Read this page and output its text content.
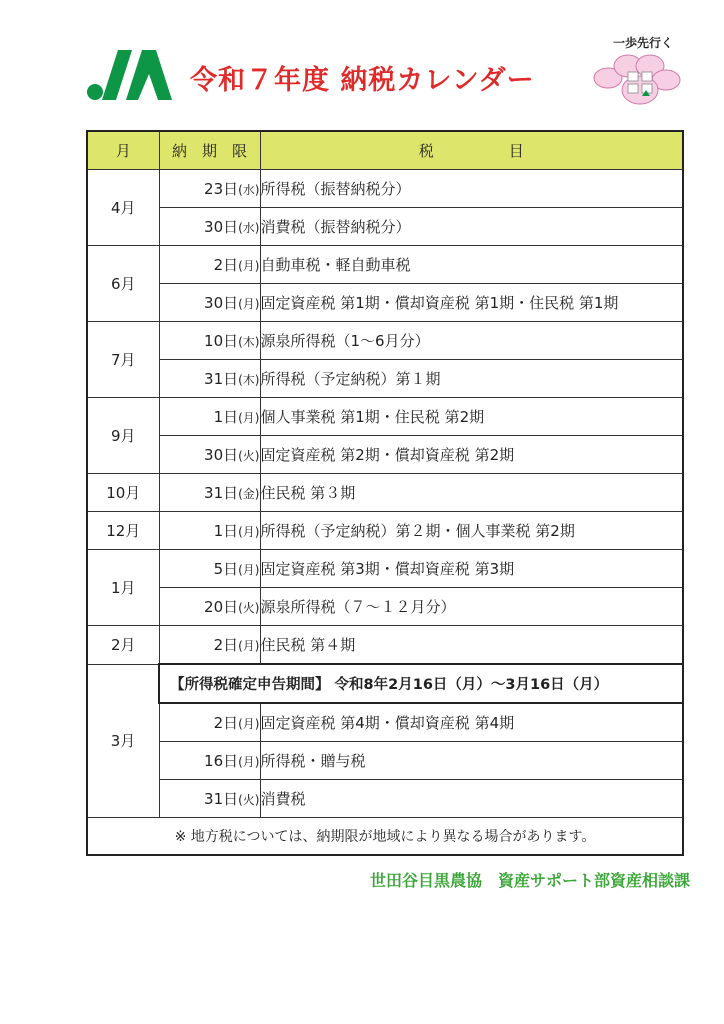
令和７年度 納税カレンダー
一歩先行く
月	納　期　限	税　　　　　目
4月	23日(水)	所得税（振替納税分）
	30日(水)	消費税（振替納税分）
6月	2日(月)	自動車税・軽自動車税
	30日(月)	固定資産税 第1期・償却資産税 第1期・住民税 第1期
7月	10日(木)	源泉所得税（1～6月分）
	31日(木)	所得税（予定納税）第１期
9月	1日(月)	個人事業税 第1期・住民税 第2期
	30日(火)	固定資産税 第2期・償却資産税 第2期
10月	31日(金)	住民税 第３期
12月	1日(月)	所得税（予定納税）第２期・個人事業税 第2期
1月	5日(月)	固定資産税 第3期・償却資産税 第3期
	20日(火)	源泉所得税（７～１２月分）
2月	2日(月)	住民税 第４期
3月	【所得税確定申告期間】 令和8年2月16日（月）～3月16日（月）	
	2日(月)	固定資産税 第4期・償却資産税 第4期
	16日(月)	所得税・贈与税
	31日(火)	消費税
※ 地方税については、納期限が地域により異なる場合があります。		
世田谷目黒農協　資産サポート部資産相談課
